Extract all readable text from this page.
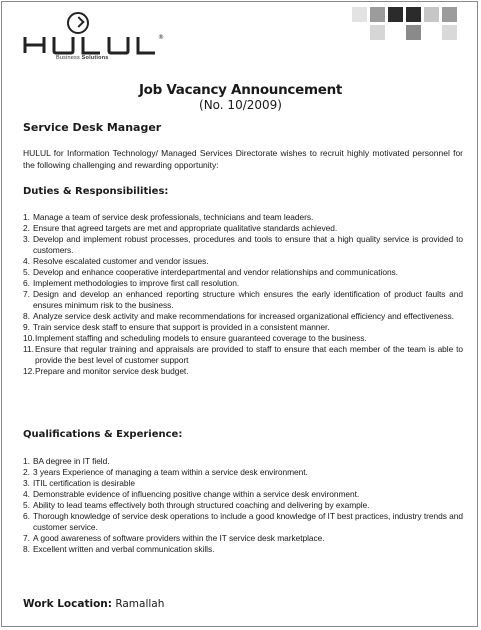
®
Business Solutions
Job Vacancy Announcement
(No. 10/2009)
Service Desk Manager
HULUL for Information Technology/ Managed Services Directorate wishes to recruit highly motivated personnel for the following challenging and rewarding opportunity:
Duties & Responsibilities:
1. Manage a team of service desk professionals, technicians and team leaders.
2. Ensure that agreed targets are met and appropriate qualitative standards achieved.
3. Develop and implement robust processes, procedures and tools to ensure that a high quality service is provided to customers.
4. Resolve escalated customer and vendor issues.
5. Develop and enhance cooperative interdepartmental and vendor relationships and communications.
6. Implement methodologies to improve first call resolution.
7. Design and develop an enhanced reporting structure which ensures the early identification of product faults and ensures minimum risk to the business.
8. Analyze service desk activity and make recommendations for increased organizational efficiency and effectiveness.
9. Train service desk staff to ensure that support is provided in a consistent manner.
10. Implement staffing and scheduling models to ensure guaranteed coverage to the business.
11. Ensure that regular training and appraisals are provided to staff to ensure that each member of the team is able to provide the best level of customer support
12. Prepare and monitor service desk budget.
Qualifications & Experience:
1. BA degree in IT field.
2. 3 years Experience of managing a team within a service desk environment.
3. ITIL certification is desirable
4. Demonstrable evidence of influencing positive change within a service desk environment.
5. Ability to lead teams effectively both through structured coaching and delivering by example.
6. Thorough knowledge of service desk operations to include a good knowledge of IT best practices, industry trends and customer service.
7. A good awareness of software providers within the IT service desk marketplace.
8. Excellent written and verbal communication skills.
Work Location: Ramallah
